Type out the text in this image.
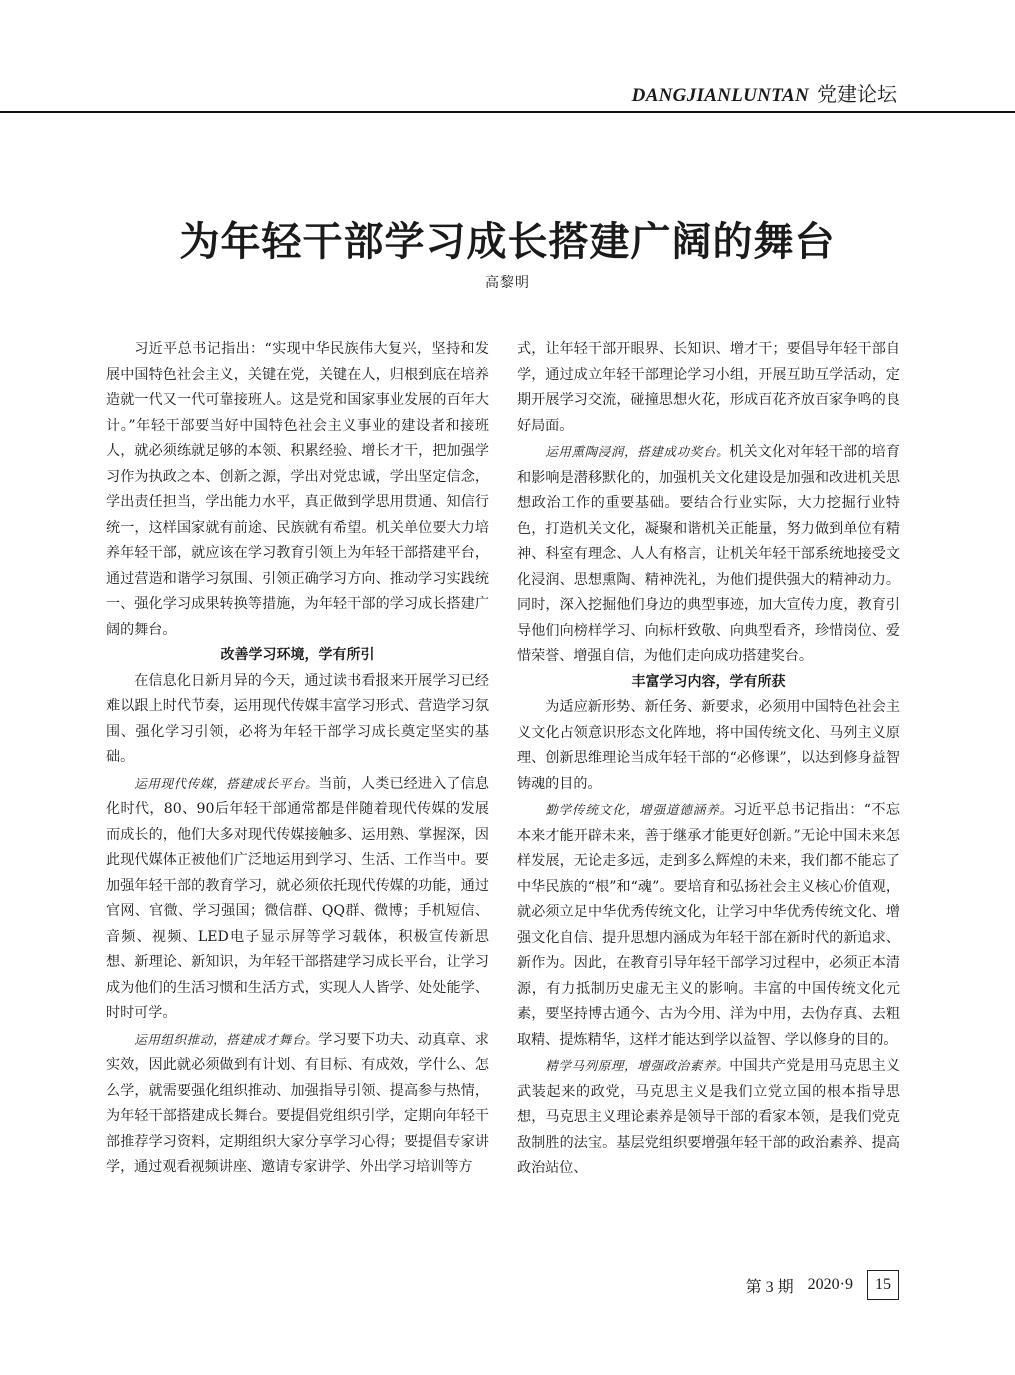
DANGJIANLUNTAN 党建论坛
为年轻干部学习成长搭建广阔的舞台
高黎明

习近平总书记指出：“实现中华民族伟大复兴，坚持和发展中国特色社会主义，关键在党，关键在人，归根到底在培养造就一代又一代可靠接班人。这是党和国家事业发展的百年大计。”年轻干部要当好中国特色社会主义事业的建设者和接班人，就必须练就足够的本领、积累经验、增长才干，把加强学习作为执政之本、创新之源，学出对党忠诚，学出坚定信念，学出责任担当，学出能力水平，真正做到学思用贯通、知信行统一，这样国家就有前途、民族就有希望。机关单位要大力培养年轻干部，就应该在学习教育引领上为年轻干部搭建平台，通过营造和谐学习氛围、引领正确学习方向、推动学习实践统一、强化学习成果转换等措施，为年轻干部的学习成长搭建广阔的舞台。

改善学习环境，学有所引

在信息化日新月异的今天，通过读书看报来开展学习已经难以跟上时代节奏，运用现代传媒丰富学习形式、营造学习氛围、强化学习引领，必将为年轻干部学习成长奠定坚实的基础。

运用现代传媒，搭建成长平台。当前，人类已经进入了信息化时代，80、90后年轻干部通常都是伴随着现代传媒的发展而成长的，他们大多对现代传媒接触多、运用熟、掌握深，因此现代媒体正被他们广泛地运用到学习、生活、工作当中。要加强年轻干部的教育学习，就必须依托现代传媒的功能，通过官网、官微、学习强国；微信群、QQ群、微博；手机短信、音频、视频、LED电子显示屏等学习载体，积极宣传新思想、新理论、新知识，为年轻干部搭建学习成长平台，让学习成为他们的生活习惯和生活方式，实现人人皆学、处处能学、时时可学。

运用组织推动，搭建成才舞台。学习要下功夫、动真章、求实效，因此就必须做到有计划、有目标、有成效，学什么、怎么学，就需要强化组织推动、加强指导引领、提高参与热情，为年轻干部搭建成长舞台。要提倡党组织引学，定期向年轻干部推荐学习资料，定期组织大家分享学习心得；要提倡专家讲学，通过观看视频讲座、邀请专家讲学、外出学习培训等方

式，让年轻干部开眼界、长知识、增才干；要倡导年轻干部自学，通过成立年轻干部理论学习小组，开展互助互学活动，定期开展学习交流，碰撞思想火花，形成百花齐放百家争鸣的良好局面。

运用熏陶浸润，搭建成功奖台。机关文化对年轻干部的培育和影响是潜移默化的，加强机关文化建设是加强和改进机关思想政治工作的重要基础。要结合行业实际，大力挖掘行业特色，打造机关文化，凝聚和谐机关正能量，努力做到单位有精神、科室有理念、人人有格言，让机关年轻干部系统地接受文化浸润、思想熏陶、精神洗礼，为他们提供强大的精神动力。同时，深入挖掘他们身边的典型事迹，加大宣传力度，教育引导他们向榜样学习、向标杆致敬、向典型看齐，珍惜岗位、爱惜荣誉、增强自信，为他们走向成功搭建奖台。

丰富学习内容，学有所获

为适应新形势、新任务、新要求，必须用中国特色社会主义文化占领意识形态文化阵地，将中国传统文化、马列主义原理、创新思维理论当成年轻干部的“必修课”，以达到修身益智铸魂的目的。

勤学传统文化，增强道德涵养。习近平总书记指出：“不忘本来才能开辟未来，善于继承才能更好创新。”无论中国未来怎样发展，无论走多远，走到多么辉煌的未来，我们都不能忘了中华民族的“根”和“魂”。要培育和弘扬社会主义核心价值观，就必须立足中华优秀传统文化，让学习中华优秀传统文化、增强文化自信、提升思想内涵成为年轻干部在新时代的新追求、新作为。因此，在教育引导年轻干部学习过程中，必须正本清源，有力抵制历史虚无主义的影响。丰富的中国传统文化元素，要坚持博古通今、古为今用、洋为中用，去伪存真、去粗取精、提炼精华，这样才能达到学以益智、学以修身的目的。

精学马列原理，增强政治素养。中国共产党是用马克思主义武装起来的政党，马克思主义是我们立党立国的根本指导思想，马克思主义理论素养是领导干部的看家本领，是我们党克敌制胜的法宝。基层党组织要增强年轻干部的政治素养、提高政治站位、

第 3 期 2020·9	15
